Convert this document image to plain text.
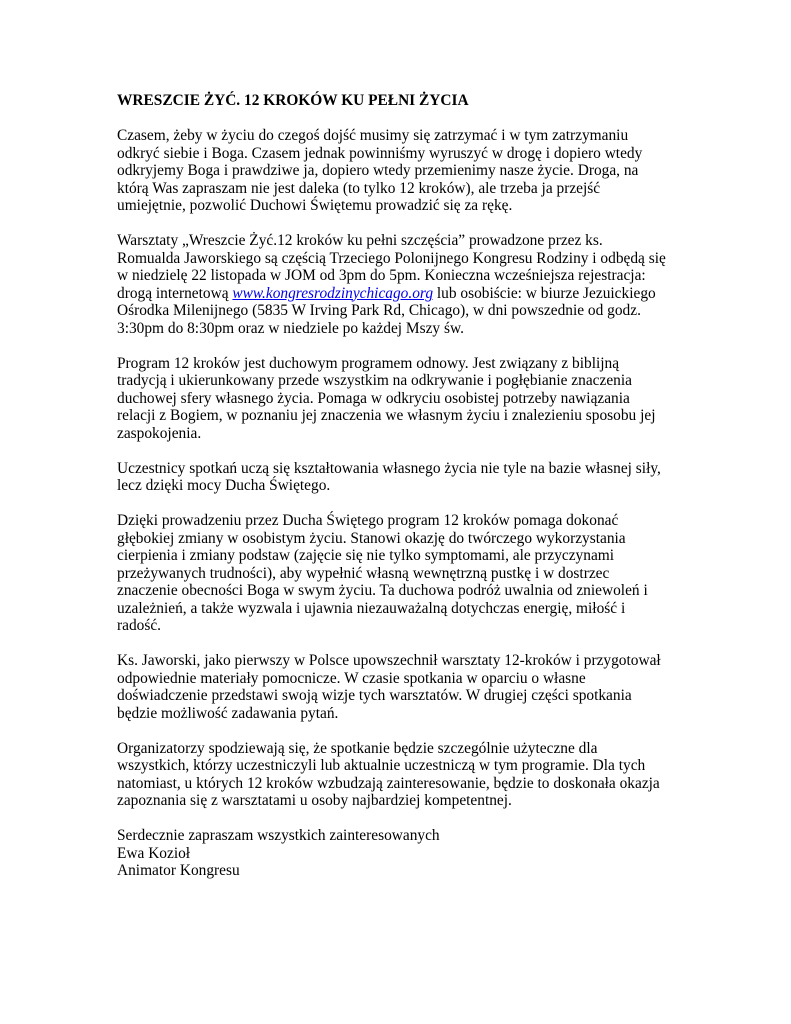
WRESZCIE ŻYĆ. 12 KROKÓW KU PEŁNI ŻYCIA
Czasem, żeby w życiu do czegoś dojść musimy się zatrzymać i w tym zatrzymaniu
odkryć siebie i Boga. Czasem jednak powinniśmy wyruszyć w drogę i dopiero wtedy
odkryjemy Boga i prawdziwe ja, dopiero wtedy przemienimy nasze życie. Droga, na
którą Was zapraszam nie jest daleka (to tylko 12 kroków), ale trzeba ja przejść
umiejętnie, pozwolić Duchowi Świętemu prowadzić się za rękę.
Warsztaty „Wreszcie Żyć.12 kroków ku pełni szczęścia” prowadzone przez ks.
Romualda Jaworskiego są częścią Trzeciego Polonijnego Kongresu Rodziny i odbędą się
w niedzielę 22 listopada w JOM od 3pm do 5pm. Konieczna wcześniejsza rejestracja:
drogą internetową www.kongresrodzinychicago.org lub osobiście: w biurze Jezuickiego
Ośrodka Milenijnego (5835 W Irving Park Rd, Chicago), w dni powszednie od godz.
3:30pm do 8:30pm oraz w niedziele po każdej Mszy św.
Program 12 kroków jest duchowym programem odnowy. Jest związany z biblijną
tradycją i ukierunkowany przede wszystkim na odkrywanie i pogłębianie znaczenia
duchowej sfery własnego życia. Pomaga w odkryciu osobistej potrzeby nawiązania
relacji z Bogiem, w poznaniu jej znaczenia we własnym życiu i znalezieniu sposobu jej
zaspokojenia.
Uczestnicy spotkań uczą się kształtowania własnego życia nie tyle na bazie własnej siły,
lecz dzięki mocy Ducha Świętego.
Dzięki prowadzeniu przez Ducha Świętego program 12 kroków pomaga dokonać
głębokiej zmiany w osobistym życiu. Stanowi okazję do twórczego wykorzystania
cierpienia i zmiany podstaw (zajęcie się nie tylko symptomami, ale przyczynami
przeżywanych trudności), aby wypełnić własną wewnętrzną pustkę i w dostrzec
znaczenie obecności Boga w swym życiu. Ta duchowa podróż uwalnia od zniewoleń i
uzależnień, a także wyzwala i ujawnia niezauważalną dotychczas energię, miłość i
radość.
Ks. Jaworski, jako pierwszy w Polsce upowszechnił warsztaty 12-kroków i przygotował
odpowiednie materiały pomocnicze. W czasie spotkania w oparciu o własne
doświadczenie przedstawi swoją wizje tych warsztatów. W drugiej części spotkania
będzie możliwość zadawania pytań.
Organizatorzy spodziewają się, że spotkanie będzie szczególnie użyteczne dla
wszystkich, którzy uczestniczyli lub aktualnie uczestniczą w tym programie. Dla tych
natomiast, u których 12 kroków wzbudzają zainteresowanie, będzie to doskonała okazja
zapoznania się z warsztatami u osoby najbardziej kompetentnej.
Serdecznie zapraszam wszystkich zainteresowanych
Ewa Kozioł
Animator Kongresu
